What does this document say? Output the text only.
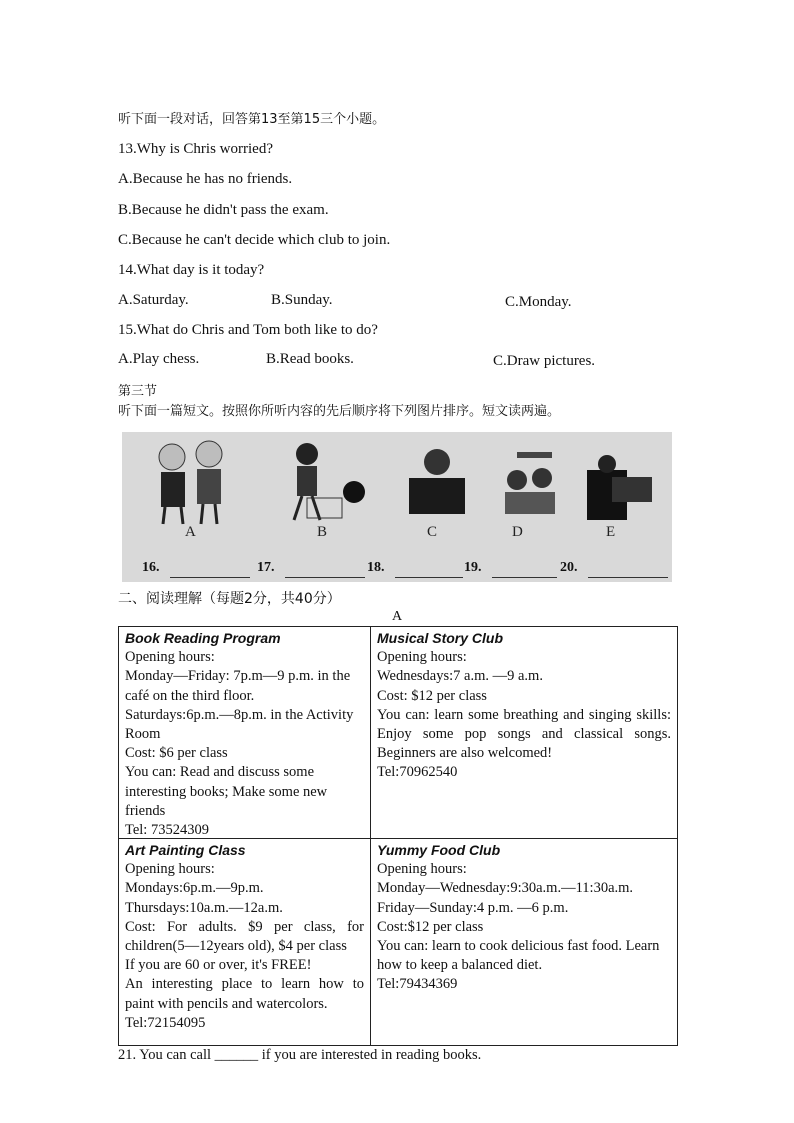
听下面一段对话，回答第13至第15三个小题。
13.Why is Chris worried?
A.Because he has no friends.
B.Because he didn't pass the exam.
C.Because he can't decide which club to join.
14.What day is it today?
A.Saturday.	B.Sunday.	C.Monday.
15.What do Chris and Tom both like to do?
A.Play chess.	B.Read books.	C.Draw pictures.
第三节
听下面一篇短文。按照你所听内容的先后顺序将下列图片排序。短文读两遍。
A	B	C	D	E
16.	17.	18.	19.	20.
二、阅读理解（每题2分，共40分）
A
Book Reading Program
Opening hours:
Monday—Friday: 7p.m—9 p.m. in the café on the third floor.
Saturdays:6p.m.—8p.m. in the Activity Room
Cost: $6 per class
You can: Read and discuss some interesting books; Make some new friends
Tel: 73524309
Musical Story Club
Opening hours:
Wednesdays:7 a.m. —9 a.m.
Cost: $12 per class
You can: learn some breathing and singing skills: Enjoy some pop songs and classical songs. Beginners are also welcomed!
Tel:70962540
Art Painting Class
Opening hours:
Mondays:6p.m.—9p.m.
Thursdays:10a.m.—12a.m.
Cost: For adults. $9 per class, for children(5—12years old), $4 per class
If you are 60 or over, it's FREE!
An interesting place to learn how to paint with pencils and watercolors.
Tel:72154095
Yummy Food Club
Opening hours:
Monday—Wednesday:9:30a.m.—11:30a.m.
Friday—Sunday:4 p.m. —6 p.m.
Cost:$12 per class
You can: learn to cook delicious fast food. Learn how to keep a balanced diet.
Tel:79434369
21. You can call ______ if you are interested in reading books.
